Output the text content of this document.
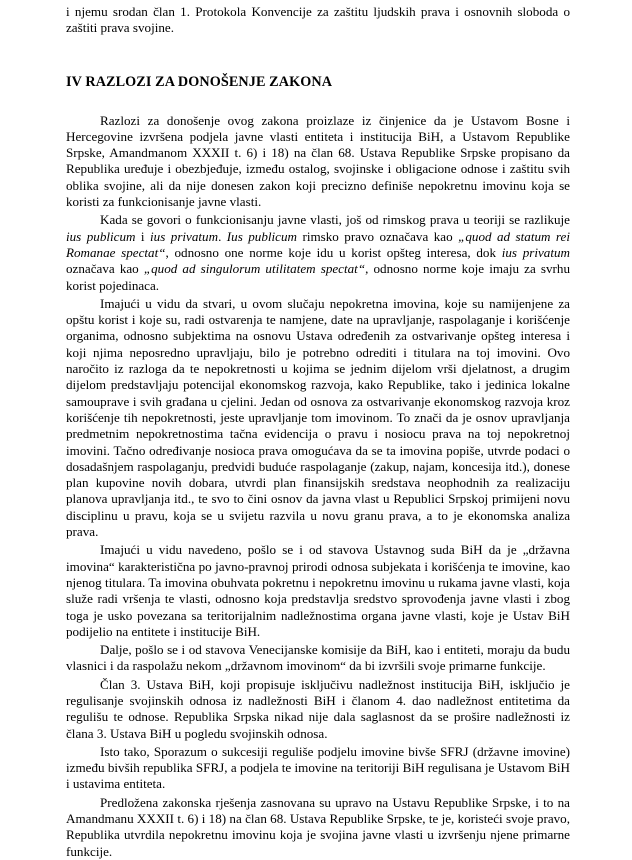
i njemu srodan član 1. Protokola Konvencije za zaštitu ljudskih prava i osnovnih sloboda o zaštiti prava svojine.

IV RAZLOZI ZA DONOŠENJE ZAKONA

Razlozi za donošenje ovog zakona proizlaze iz činjenice da je Ustavom Bosne i Hercegovine izvršena podjela javne vlasti entiteta i institucija BiH, a Ustavom Republike Srpske, Amandmanom XXXII t. 6) i 18) na član 68. Ustava Republike Srpske propisano da Republika uređuje i obezbjeđuje, između ostalog, svojinske i obligacione odnose i zaštitu svih oblika svojine, ali da nije donesen zakon koji precizno definiše nepokretnu imovinu koja se koristi za funkcionisanje javne vlasti.

Kada se govori o funkcionisanju javne vlasti, još od rimskog prava u teoriji se razlikuje ius publicum i ius privatum. Ius publicum rimsko pravo označava kao „quod ad statum rei Romanae spectat“, odnosno one norme koje idu u korist opšteg interesa, dok ius privatum označava kao „quod ad singulorum utilitatem spectat“, odnosno norme koje imaju za svrhu korist pojedinaca.

Imajući u vidu da stvari, u ovom slučaju nepokretna imovina, koje su namijenjene za opštu korist i koje su, radi ostvarenja te namjene, date na upravljanje, raspolaganje i korišćenje organima, odnosno subjektima na osnovu Ustava određenih za ostvarivanje opšteg interesa i koji njima neposredno upravljaju, bilo je potrebno odrediti i titulara na toj imovini. Ovo naročito iz razloga da te nepokretnosti u kojima se jednim dijelom vrši djelatnost, a drugim dijelom predstavljaju potencijal ekonomskog razvoja, kako Republike, tako i jedinica lokalne samouprave i svih građana u cjelini. Jedan od osnova za ostvarivanje ekonomskog razvoja kroz korišćenje tih nepokretnosti, jeste upravljanje tom imovinom. To znači da je osnov upravljanja predmetnim nepokretnostima tačna evidencija o pravu i nosiocu prava na toj nepokretnoj imovini. Tačno određivanje nosioca prava omogućava da se ta imovina popiše, utvrde podaci o dosadašnjem raspolaganju, predvidi buduće raspolaganje (zakup, najam, koncesija itd.), donese plan kupovine novih dobara, utvrdi plan finansijskih sredstava neophodnih za realizaciju planova upravljanja itd., te svo to čini osnov da javna vlast u Republici Srpskoj primijeni novu disciplinu u pravu, koja se u svijetu razvila u novu granu prava, a to je ekonomska analiza prava.

Imajući u vidu navedeno, pošlo se i od stavova Ustavnog suda BiH da je „državna imovina“ karakteristična po javno-pravnoj prirodi odnosa subjekata i korišćenja te imovine, kao njenog titulara. Ta imovina obuhvata pokretnu i nepokretnu imovinu u rukama javne vlasti, koja služe radi vršenja te vlasti, odnosno koja predstavlja sredstvo sprovođenja javne vlasti i zbog toga je usko povezana sa teritorijalnim nadležnostima organa javne vlasti, koje je Ustav BiH podijelio na entitete i institucije BiH.

Dalje, pošlo se i od stavova Venecijanske komisije da BiH, kao i entiteti, moraju da budu vlasnici i da raspolažu nekom „državnom imovinom“ da bi izvršili svoje primarne funkcije.

Član 3. Ustava BiH, koji propisuje isključivu nadležnost institucija BiH, isključio je regulisanje svojinskih odnosa iz nadležnosti BiH i članom 4. dao nadležnost entitetima da regulišu te odnose. Republika Srpska nikad nije dala saglasnost da se proširе nadležnosti iz člana 3. Ustava BiH u pogledu svojinskih odnosa.

Isto tako, Sporazum o sukcesiji reguliše podjelu imovine bivše SFRJ (državne imovine) između bivših republika SFRJ, a podjela te imovine na teritoriji BiH regulisana je Ustavom BiH i ustavima entiteta.

Predložena zakonska rješenja zasnovana su upravo na Ustavu Republike Srpske, i to na Amandmanu XXXII t. 6) i 18) na član 68. Ustava Republike Srpske, te je, koristeći svoje pravo, Republika utvrdila nepokretnu imovinu koja je svojina javne vlasti u izvršenju njene primarne funkcije.
